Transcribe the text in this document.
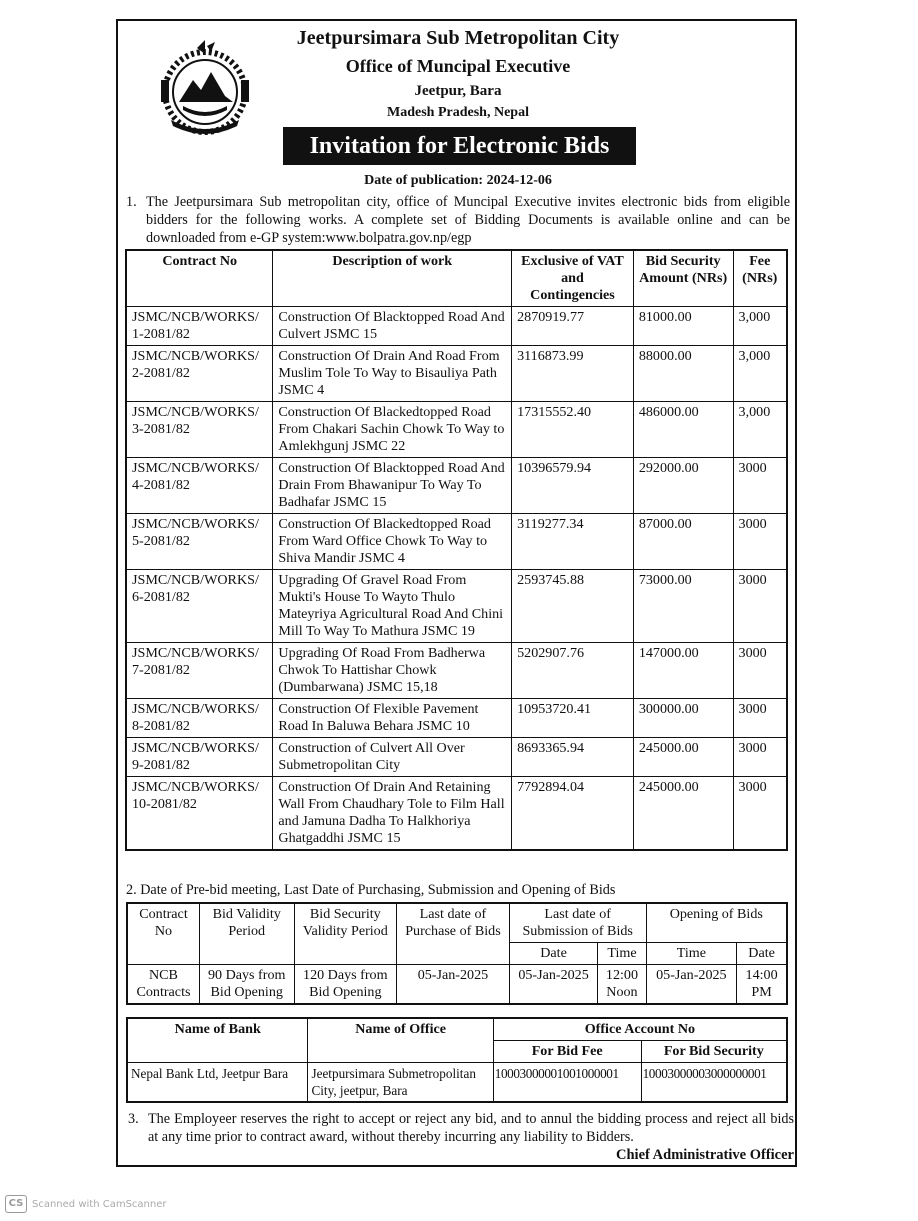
Jeetpursimara Sub Metropolitan City
Office of Muncipal Executive
Jeetpur, Bara
Madesh Pradesh, Nepal
Invitation for Electronic Bids
Date of publication: 2024-12-06
1. The Jeetpursimara Sub metropolitan city, office of Muncipal Executive invites electronic bids from eligible bidders for the following works. A complete set of Bidding Documents is available online and can be downloaded from e-GP system:www.bolpatra.gov.np/egp
Contract No	Description of work	Exclusive of VAT and Contingencies	Bid Security Amount (NRs)	Fee (NRs)
JSMC/NCB/WORKS/ 1-2081/82	Construction Of Blacktopped Road And Culvert JSMC 15	2870919.77	81000.00	3,000
JSMC/NCB/WORKS/ 2-2081/82	Construction Of Drain And Road From Muslim Tole To Way to Bisauliya Path JSMC 4	3116873.99	88000.00	3,000
JSMC/NCB/WORKS/ 3-2081/82	Construction Of Blackedtopped Road From Chakari Sachin Chowk To Way to Amlekhgunj JSMC 22	17315552.40	486000.00	3,000
JSMC/NCB/WORKS/ 4-2081/82	Construction Of Blacktopped Road And Drain From Bhawanipur To Way To Badhafar JSMC 15	10396579.94	292000.00	3000
JSMC/NCB/WORKS/ 5-2081/82	Construction Of Blackedtopped Road From Ward Office Chowk To Way to Shiva Mandir JSMC 4	3119277.34	87000.00	3000
JSMC/NCB/WORKS/ 6-2081/82	Upgrading Of Gravel Road From Mukti's House To Wayto Thulo Mateyriya Agricultural Road And Chini Mill To Way To Mathura JSMC 19	2593745.88	73000.00	3000
JSMC/NCB/WORKS/ 7-2081/82	Upgrading Of Road From Badherwa Chwok To Hattishar Chowk (Dumbarwana) JSMC 15,18	5202907.76	147000.00	3000
JSMC/NCB/WORKS/ 8-2081/82	Construction Of Flexible Pavement Road In Baluwa Behara JSMC 10	10953720.41	300000.00	3000
JSMC/NCB/WORKS/ 9-2081/82	Construction of Culvert All Over Submetropolitan City	8693365.94	245000.00	3000
JSMC/NCB/WORKS/ 10-2081/82	Construction Of Drain And Retaining Wall From Chaudhary Tole to Film Hall and Jamuna Dadha To Halkhoriya Ghatgaddhi JSMC 15	7792894.04	245000.00	3000
2. Date of Pre-bid meeting, Last Date of Purchasing, Submission and Opening of Bids
Contract No	Bid Validity Period	Bid Security Validity Period	Last date of Purchase of Bids	Last date of Submission of Bids		Opening of Bids	
				Date	Time	Time	Date
NCB Contracts	90 Days from Bid Opening	120 Days from Bid Opening	05-Jan-2025	05-Jan-2025	12:00 Noon	05-Jan-2025	14:00 PM
Name of Bank	Name of Office	Office Account No	
		For Bid Fee	For Bid Security
Nepal Bank Ltd, Jeetpur Bara	Jeetpursimara Submetropolitan City, jeetpur, Bara	10003000001001000001	10003000003000000001
3. The Employeer reserves the right to accept or reject any bid, and to annul the bidding process and reject all bids at any time prior to contract award, without thereby incurring any liability to Bidders.
Chief Administrative Officer
CS Scanned with CamScanner
